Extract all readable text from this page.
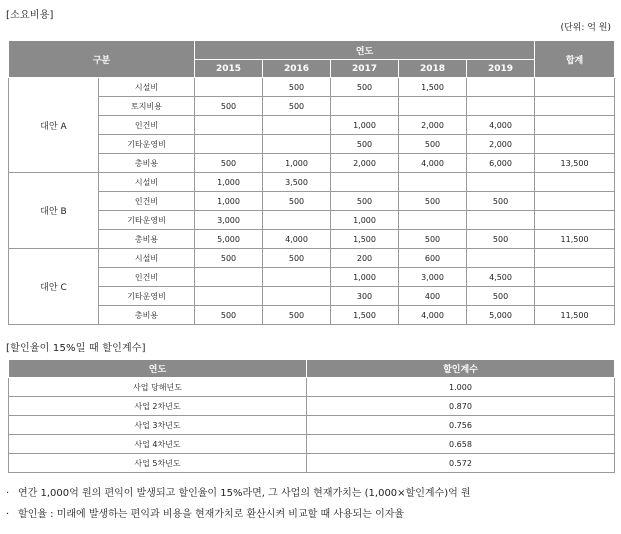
[소요비용]
(단위: 억 원)
구분		연도					합계
		2015	2016	2017	2018	2019	
대안 A	시설비		500	500	1,500		
	토지비용	500	500				
	인건비			1,000	2,000	4,000	
	기타운영비			500	500	2,000	
	총비용	500	1,000	2,000	4,000	6,000	13,500
대안 B	시설비	1,000	3,500				
	인건비	1,000	500	500	500	500	
	기타운영비	3,000		1,000			
	총비용	5,000	4,000	1,500	500	500	11,500
대안 C	시설비	500	500	200	600		
	인건비			1,000	3,000	4,500	
	기타운영비			300	400	500	
	총비용	500	500	1,500	4,000	5,000	11,500
[할인율이 15%일 때 할인계수]
연도	할인계수
사업 당해년도	1.000
사업 2차년도	0.870
사업 3차년도	0.756
사업 4차년도	0.658
사업 5차년도	0.572
· 연간 1,000억 원의 편익이 발생되고 할인율이 15%라면, 그 사업의 현재가치는 (1,000×할인계수)억 원
· 할인율 : 미래에 발생하는 편익과 비용을 현재가치로 환산시켜 비교할 때 사용되는 이자율
